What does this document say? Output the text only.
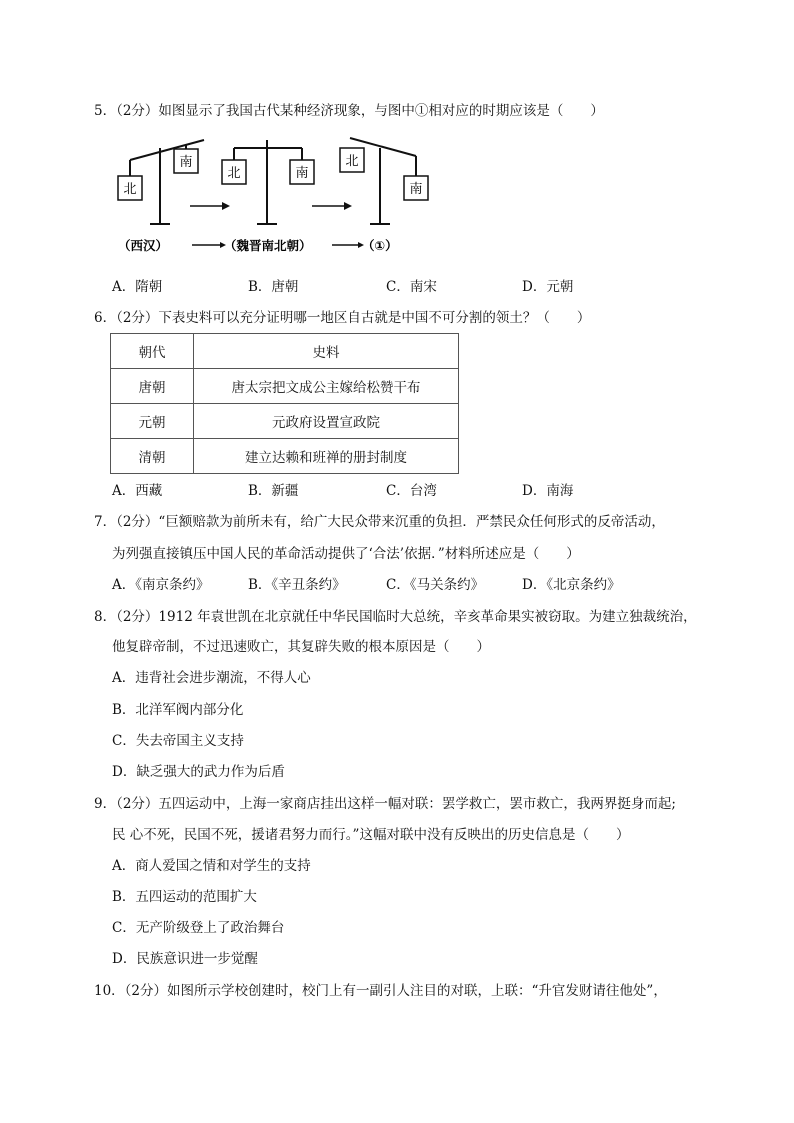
5．（2分）如图显示了我国古代某种经济现象，与图中①相对应的时期应该是（　　）
北
南
北	南
北
南
（西汉）	（魏晋南北朝）	（①）
A．隋朝	B．唐朝	C．南宋	D．元朝
6．（2分）下表史料可以充分证明哪一地区自古就是中国不可分割的领土？（　　）
朝代	史料
唐朝	唐太宗把文成公主嫁给松赞干布
元朝	元政府设置宣政院
清朝	建立达赖和班禅的册封制度
A．西藏	B．新疆	C．台湾	D．南海
7．（2分）“巨额赔款为前所未有，给广大民众带来沉重的负担．严禁民众任何形式的反帝活动，
为列强直接镇压中国人民的革命活动提供了‘合法’依据．”材料所述应是（　　）
A．《南京条约》	B．《辛丑条约》	C．《马关条约》	D．《北京条约》
8．（2分）1912 年袁世凯在北京就任中华民国临时大总统，辛亥革命果实被窃取。为建立独裁统治，
他复辟帝制，不过迅速败亡，其复辟失败的根本原因是（　　）
A．违背社会进步潮流，不得人心
B．北洋军阀内部分化
C．失去帝国主义支持
D．缺乏强大的武力作为后盾
9．（2分）五四运动中，上海一家商店挂出这样一幅对联：罢学救亡，罢市救亡，我两界挺身而起;
民 心不死，民国不死，援诸君努力而行。”这幅对联中没有反映出的历史信息是（　　）
A．商人爱国之情和对学生的支持
B．五四运动的范围扩大
C．无产阶级登上了政治舞台
D．民族意识进一步觉醒
10．（2分）如图所示学校创建时，校门上有一副引人注目的对联，上联：“升官发财请往他处”，
